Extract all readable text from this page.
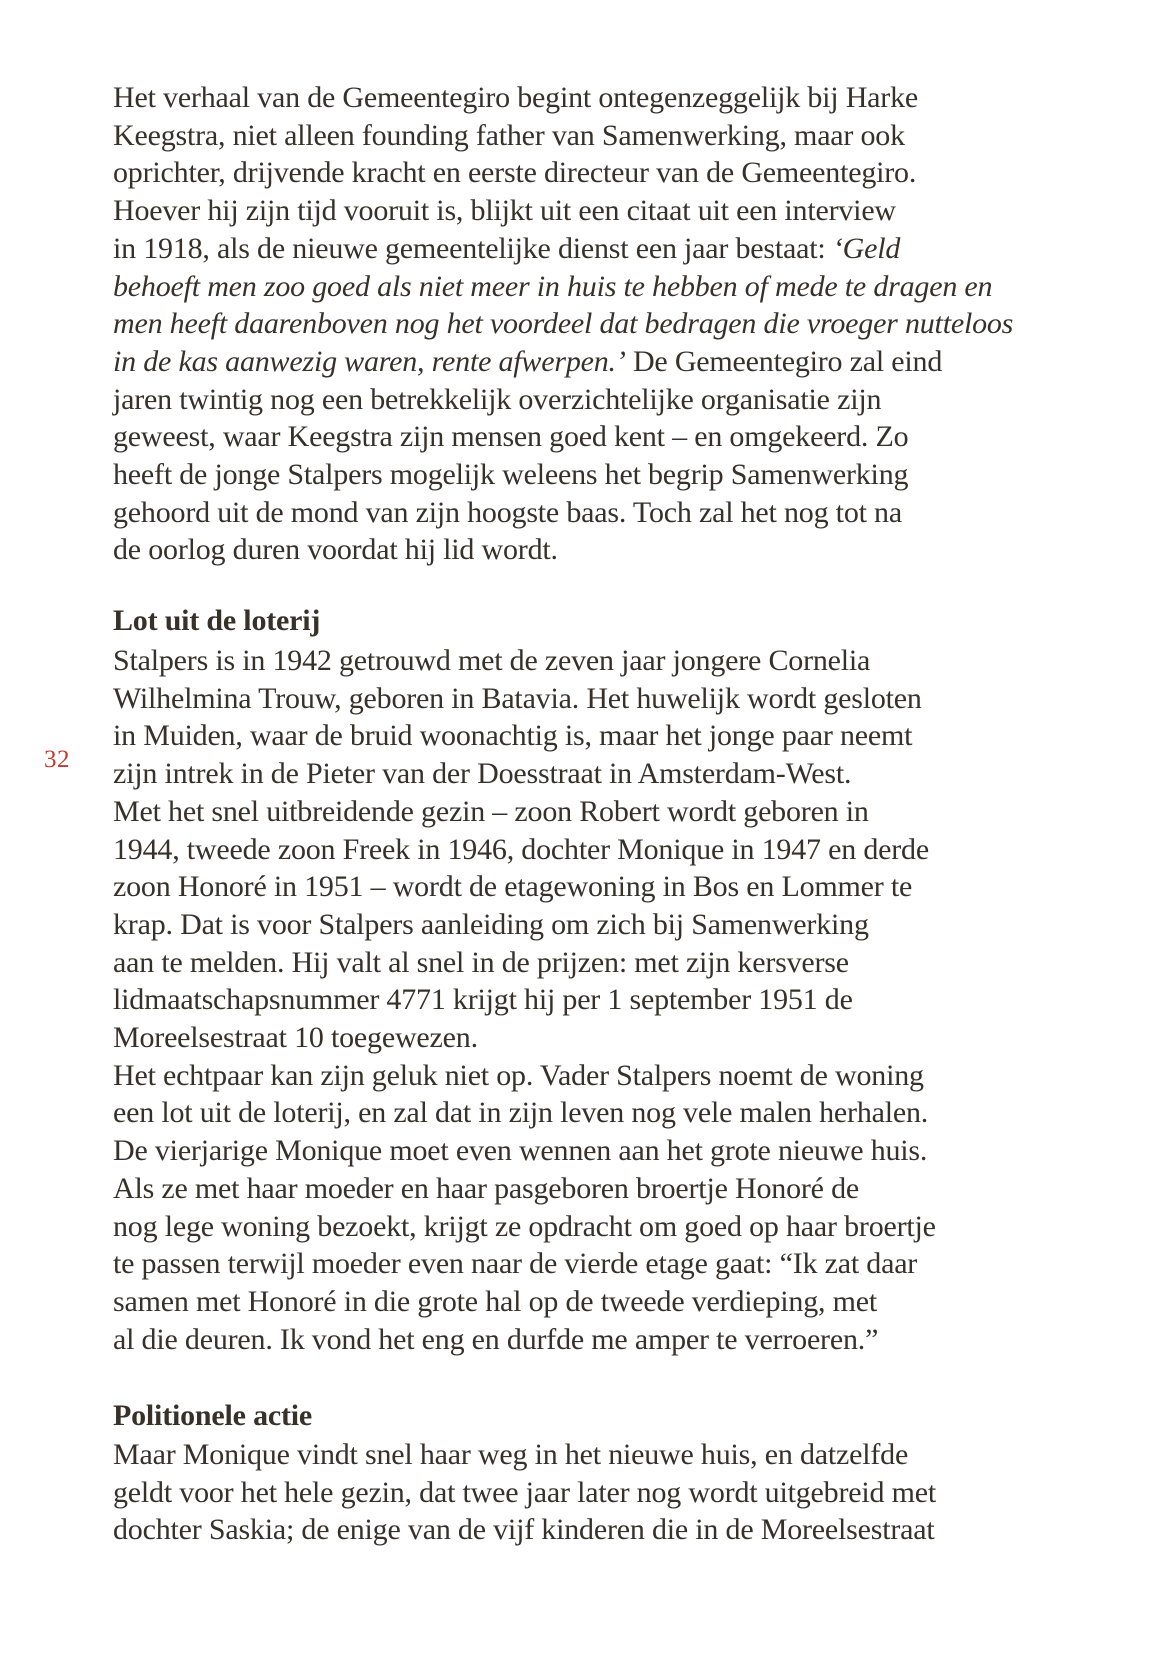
32
Het verhaal van de Gemeentegiro begint ontegenzeggelijk bij Harke
Keegstra, niet alleen founding father van Samenwerking, maar ook
oprichter, drijvende kracht en eerste directeur van de Gemeentegiro.
Hoever hij zijn tijd vooruit is, blijkt uit een citaat uit een interview
in 1918, als de nieuwe gemeentelijke dienst een jaar bestaat: ‘Geld
behoeft men zoo goed als niet meer in huis te hebben of mede te dragen en
men heeft daarenboven nog het voordeel dat bedragen die vroeger nutteloos
in de kas aanwezig waren, rente afwerpen.’ De Gemeentegiro zal eind
jaren twintig nog een betrekkelijk overzichtelijke organisatie zijn
geweest, waar Keegstra zijn mensen goed kent – en omgekeerd. Zo
heeft de jonge Stalpers mogelijk weleens het begrip Samenwerking
gehoord uit de mond van zijn hoogste baas. Toch zal het nog tot na
de oorlog duren voordat hij lid wordt.
Lot uit de loterij
Stalpers is in 1942 getrouwd met de zeven jaar jongere Cornelia
Wilhelmina Trouw, geboren in Batavia. Het huwelijk wordt gesloten
in Muiden, waar de bruid woonachtig is, maar het jonge paar neemt
zijn intrek in de Pieter van der Doesstraat in Amsterdam-West.
Met het snel uitbreidende gezin – zoon Robert wordt geboren in
1944, tweede zoon Freek in 1946, dochter Monique in 1947 en derde
zoon Honoré in 1951 – wordt de etagewoning in Bos en Lommer te
krap. Dat is voor Stalpers aanleiding om zich bij Samenwerking
aan te melden. Hij valt al snel in de prijzen: met zijn kersverse
lidmaatschapsnummer 4771 krijgt hij per 1 september 1951 de
Moreelsestraat 10 toegewezen.
Het echtpaar kan zijn geluk niet op. Vader Stalpers noemt de woning
een lot uit de loterij, en zal dat in zijn leven nog vele malen herhalen.
De vierjarige Monique moet even wennen aan het grote nieuwe huis.
Als ze met haar moeder en haar pasgeboren broertje Honoré de
nog lege woning bezoekt, krijgt ze opdracht om goed op haar broertje
te passen terwijl moeder even naar de vierde etage gaat: “Ik zat daar
samen met Honoré in die grote hal op de tweede verdieping, met
al die deuren. Ik vond het eng en durfde me amper te verroeren.”
Politionele actie
Maar Monique vindt snel haar weg in het nieuwe huis, en datzelfde
geldt voor het hele gezin, dat twee jaar later nog wordt uitgebreid met
dochter Saskia; de enige van de vijf kinderen die in de Moreelsestraat
